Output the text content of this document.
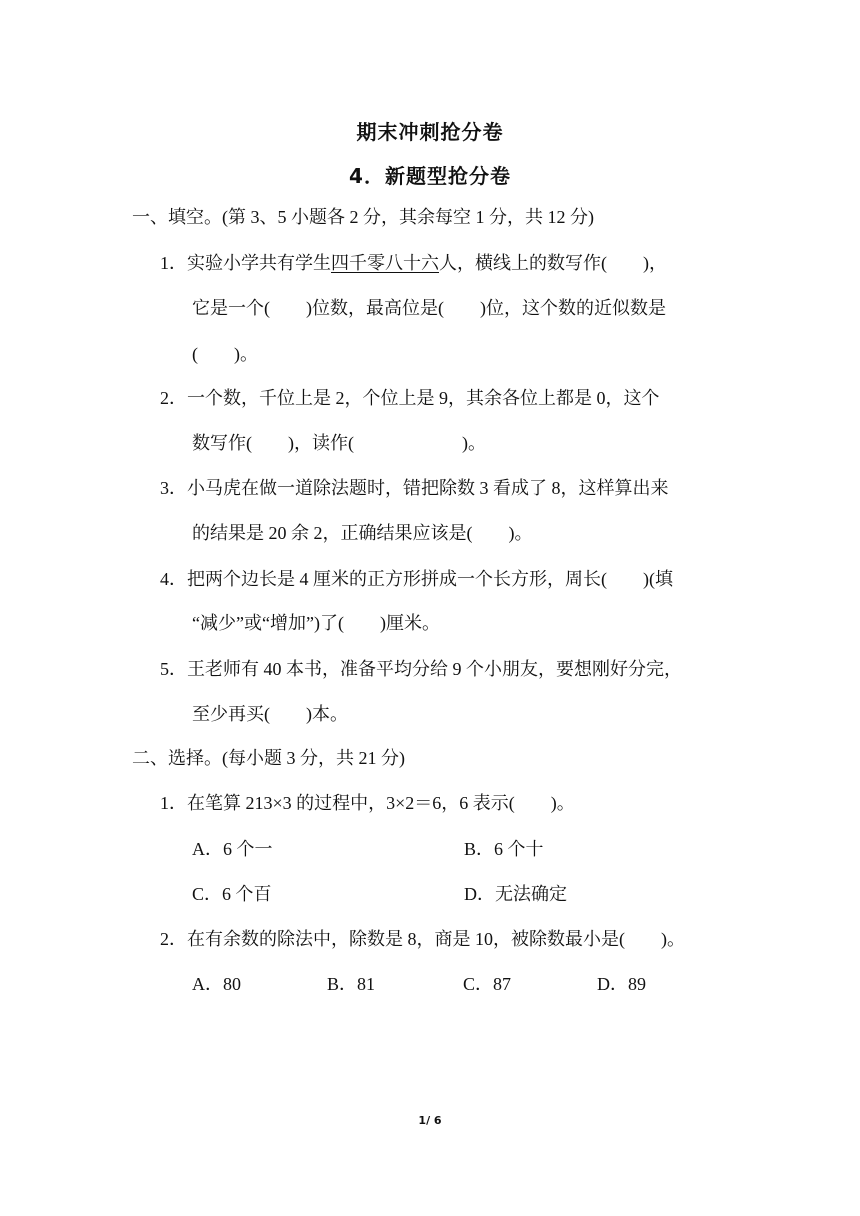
期末冲刺抢分卷
4．新题型抢分卷
一、填空。(第 3、5 小题各 2 分，其余每空 1 分，共 12 分)
1．实验小学共有学生四千零八十六人，横线上的数写作(　　)，
它是一个(　　)位数，最高位是(　　)位，这个数的近似数是
(　　)。
2．一个数，千位上是 2，个位上是 9，其余各位上都是 0，这个
数写作(　　)，读作(　　　　　　)。
3．小马虎在做一道除法题时，错把除数 3 看成了 8，这样算出来
的结果是 20 余 2，正确结果应该是(　　)。
4．把两个边长是 4 厘米的正方形拼成一个长方形，周长(　　)(填
“减少”或“增加”)了(　　)厘米。
5．王老师有 40 本书，准备平均分给 9 个小朋友，要想刚好分完，
至少再买(　　)本。
二、选择。(每小题 3 分，共 21 分)
1．在笔算 213×3 的过程中，3×2＝6，6 表示(　　)。
A．6 个一	B．6 个十
C．6 个百	D．无法确定
2．在有余数的除法中，除数是 8，商是 10，被除数最小是(　　)。
A．80	B．81	C．87	D．89
1/ 6
